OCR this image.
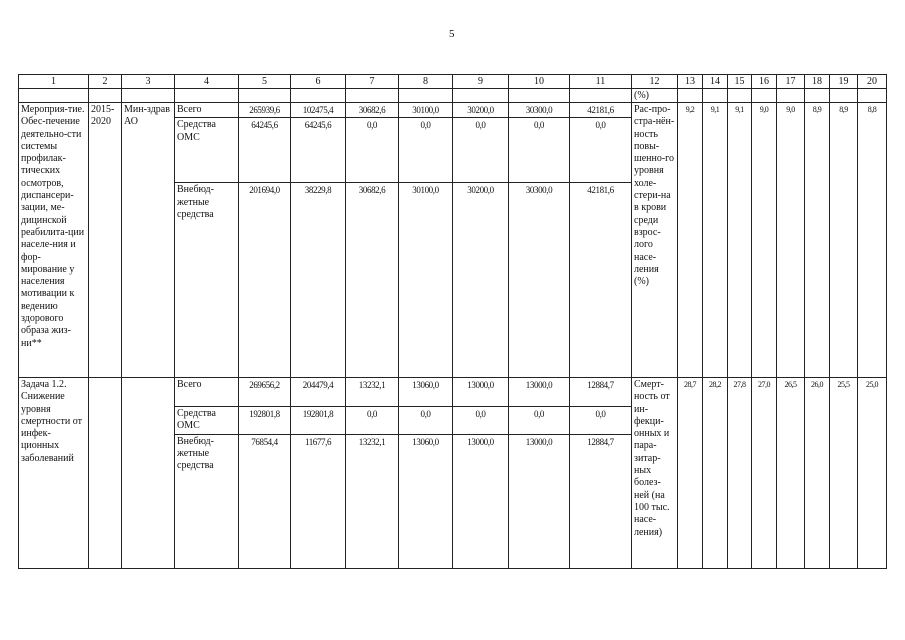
5
1	2	3	4	5	6	7	8	9	10	11	12	13	14	15	16	17	18	19	20
											(%)								
Мероприя-тие. Обес-печение деятельно-сти системы профилак-тических осмотров, диспансери-зации, ме-дицинской реабилита-ции населе-ния и фор-мирование у населения мотивации к ведению здорового образа жиз-ни**	2015-2020	Мин-здрав АО	Всего	265939,6	102475,4	30682,6	30100,0	30200,0	30300,0	42181,6	Рас-про-стра-нён-ность повы-шенно-го уровня холе-стери-на в крови среди взрос-лого насе-ления (%)	9,2	9,1	9,1	9,0	9,0	8,9	8,9	8,8
			Средства ОМС	64245,6	64245,6	0,0	0,0	0,0	0,0	0,0									
			Внебюд-жетные средства	201694,0	38229,8	30682,6	30100,0	30200,0	30300,0	42181,6									
Задача 1.2. Снижение уровня смертности от инфек-ционных заболеваний			Всего	269656,2	204479,4	13232,1	13060,0	13000,0	13000,0	12884,7	Смерт-ность от ин-фекци-онных и пара-зитар-ных болез-ней (на 100 тыс. насе-ления)	28,7	28,2	27,8	27,0	26,5	26,0	25,5	25,0
			Средства ОМС	192801,8	192801,8	0,0	0,0	0,0	0,0	0,0									
			Внебюд-жетные средства	76854,4	11677,6	13232,1	13060,0	13000,0	13000,0	12884,7									
